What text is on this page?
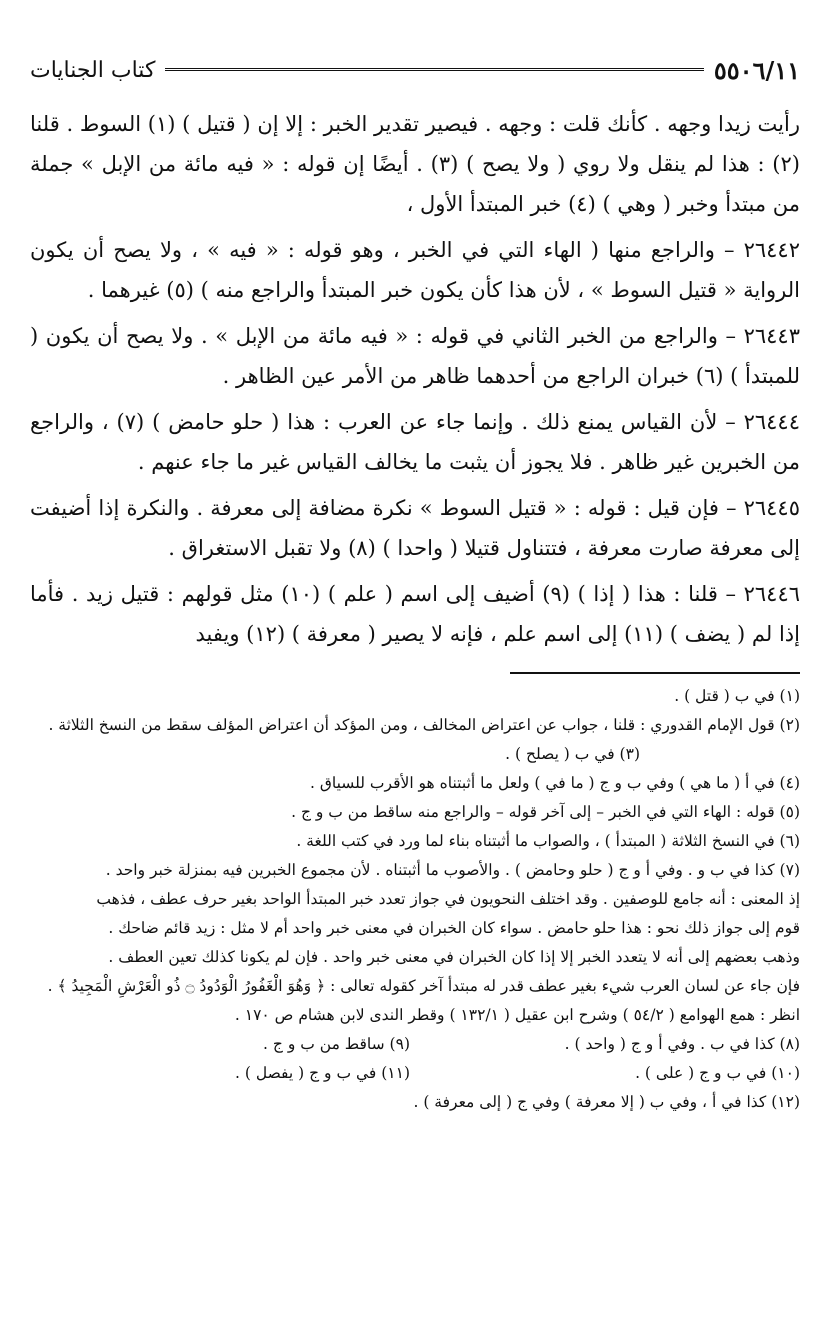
٥٥٠٦/١١
كتاب الجنايات

رأيت زيدا وجهه . كأنك قلت : وجهه . فيصير تقدير الخبر : إلا إن ( قتيل ) (١) السوط . قلنا (٢) : هذا لم ينقل ولا روي ( ولا يصح ) (٣) . أيضًا إن قوله : « فيه مائة من الإبل » جملة من مبتدأ وخبر ( وهي ) (٤) خبر المبتدأ الأول ،

٢٦٤٤٢ – والراجع منها ( الهاء التي في الخبر ، وهو قوله : « فيه » ، ولا يصح أن يكون الرواية « قتيل السوط » ، لأن هذا كأن يكون خبر المبتدأ والراجع منه ) (٥) غيرهما .

٢٦٤٤٣ – والراجع من الخبر الثاني في قوله : « فيه مائة من الإبل » . ولا يصح أن يكون ( للمبتدأ ) (٦) خبران الراجع من أحدهما ظاهر من الأمر عين الظاهر .

٢٦٤٤٤ – لأن القياس يمنع ذلك . وإنما جاء عن العرب : هذا ( حلو حامض ) (٧) ، والراجع من الخبرين غير ظاهر . فلا يجوز أن يثبت ما يخالف القياس غير ما جاء عنهم .

٢٦٤٤٥ – فإن قيل : قوله : « قتيل السوط » نكرة مضافة إلى معرفة . والنكرة إذا أضيفت إلى معرفة صارت معرفة ، فتتناول قتيلا ( واحدا ) (٨) ولا تقبل الاستغراق .

٢٦٤٤٦ – قلنا : هذا ( إذا ) (٩) أضيف إلى اسم ( علم ) (١٠) مثل قولهم : قتيل زيد . فأما إذا لم ( يضف ) (١١) إلى اسم علم ، فإنه لا يصير ( معرفة ) (١٢) ويفيد

(١) في ب ( قتل ) .

(٢) قول الإمام القدوري : قلنا ، جواب عن اعتراض المخالف ، ومن المؤكد أن اعتراض المؤلف سقط من النسخ الثلاثة .

(٣) في ب ( يصلح ) .

(٤) في أ ( ما هي ) وفي ب و ج ( ما في ) ولعل ما أثبتناه هو الأقرب للسياق .

(٥) قوله : الهاء التي في الخبر – إلى آخر قوله – والراجع منه ساقط من ب و ج .

(٦) في النسخ الثلاثة ( المبتدأ ) ، والصواب ما أثبتناه بناء لما ورد في كتب اللغة .

(٧) كذا في ب و . وفي أ و ج ( حلو وحامض ) . والأصوب ما أثبتناه . لأن مجموع الخبرين فيه بمنزلة خبر واحد .

إذ المعنى : أنه جامع للوصفين . وقد اختلف النحويون في جواز تعدد خبر المبتدأ الواحد بغير حرف عطف ، فذهب

قوم إلى جواز ذلك نحو : هذا حلو حامض . سواء كان الخبران في معنى خبر واحد أم لا مثل : زيد قائم ضاحك .

وذهب بعضهم إلى أنه لا يتعدد الخبر إلا إذا كان الخبران في معنى خبر واحد . فإن لم يكونا كذلك تعين العطف .

فإن جاء عن لسان العرب شيء بغير عطف قدر له مبتدأ آخر كقوله تعالى : ﴿ وَهُوَ الْغَفُورُ الْوَدُودُ ۝ ذُو الْعَرْشِ الْمَجِيدُ ﴾ .

انظر : همع الهوامع ( ٥٤/٢ ) وشرح ابن عقيل ( ١٣٢/١ ) وقطر الندى لابن هشام ص ١٧٠ .

(٨) كذا في ب . وفي أ و ج ( واحد ) .
(٩) ساقط من ب و ج .
(١٠) في ب و ج ( على ) .
(١١) في ب و ج ( يفصل ) .

(١٢) كذا في أ ، وفي ب ( إلا معرفة ) وفي ج ( إلى معرفة ) .
